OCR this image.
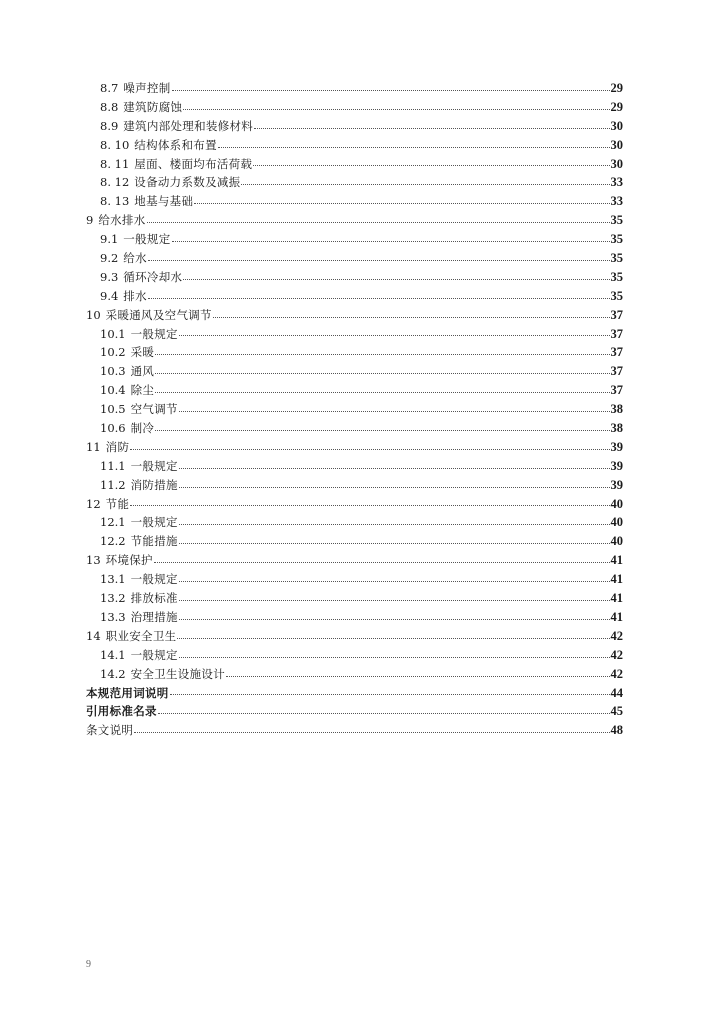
8.7 噪声控制	29
8.8 建筑防腐蚀	29
8.9 建筑内部处理和装修材料	30
8. 10 结构体系和布置	30
8. 11 屋面、楼面均布活荷载	30
8. 12 设备动力系数及减振	33
8. 13 地基与基础	33
9 给水排水	35
9.1 一般规定	35
9.2 给水	35
9.3 循环冷却水	35
9.4 排水	35
10 采暖通风及空气调节	37
10.1 一般规定	37
10.2 采暖	37
10.3 通风	37
10.4 除尘	37
10.5 空气调节	38
10.6 制冷	38
11 消防	39
11.1 一般规定	39
11.2 消防措施	39
12 节能	40
12.1 一般规定	40
12.2 节能措施	40
13 环境保护	41
13.1 一般规定	41
13.2 排放标准	41
13.3 治理措施	41
14 职业安全卫生	42
14.1 一般规定	42
14.2 安全卫生设施设计	42
本规范用词说明	44
引用标准名录	45
条文说明	48
9
